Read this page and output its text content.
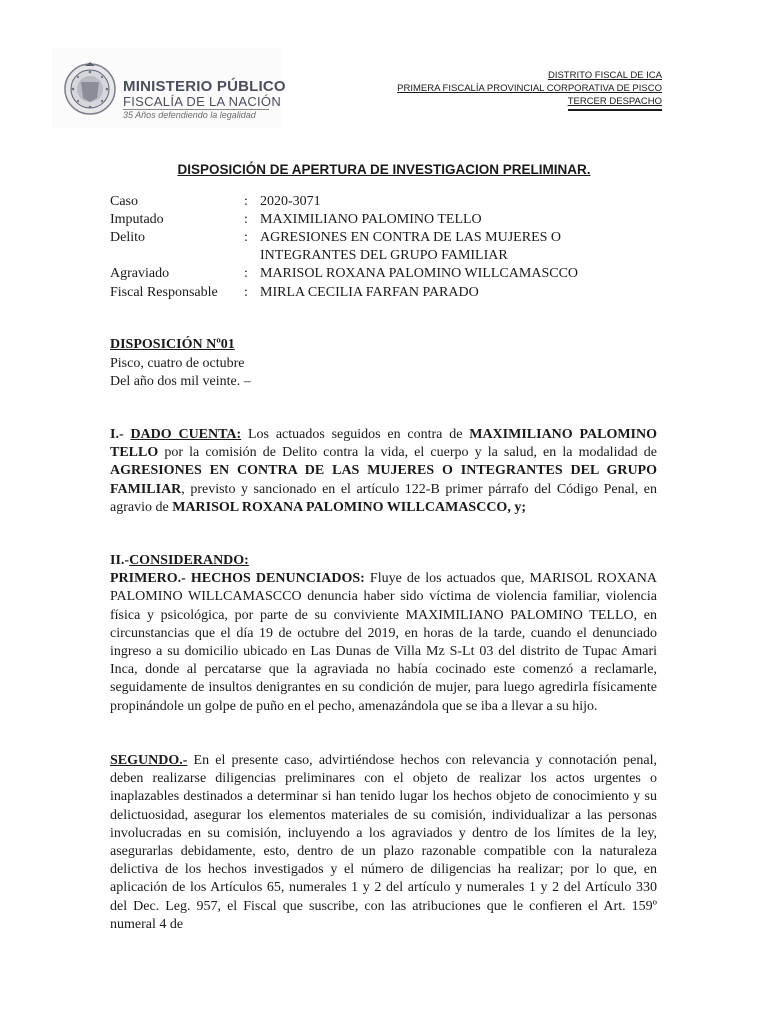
MINISTERIO PÚBLICO
FISCALÍA DE LA NACIÓN
35 Años defendiendo la legalidad
DISTRITO FISCAL DE ICA
PRIMERA FISCALÍA PROVINCIAL CORPORATIVA DE PISCO
TERCER DESPACHO
DISPOSICIÓN DE APERTURA DE INVESTIGACION PRELIMINAR.
Caso	: 2020-3071
Imputado	: MAXIMILIANO PALOMINO TELLO
Delito	: AGRESIONES EN CONTRA DE LAS MUJERES O
INTEGRANTES DEL GRUPO FAMILIAR
Agraviado	: MARISOL ROXANA PALOMINO WILLCAMASCCO
Fiscal Responsable : MIRLA CECILIA FARFAN PARADO
DISPOSICIÓN Nº01
Pisco, cuatro de octubre
Del año dos mil veinte. –
I.- DADO CUENTA: Los actuados seguidos en contra de MAXIMILIANO PALOMINO TELLO por la comisión de Delito contra la vida, el cuerpo y la salud, en la modalidad de AGRESIONES EN CONTRA DE LAS MUJERES O INTEGRANTES DEL GRUPO FAMILIAR, previsto y sancionado en el artículo 122-B primer párrafo del Código Penal, en agravio de MARISOL ROXANA PALOMINO WILLCAMASCCO, y;
II.-CONSIDERANDO:
PRIMERO.- HECHOS DENUNCIADOS: Fluye de los actuados que, MARISOL ROXANA PALOMINO WILLCAMASCCO denuncia haber sido víctima de violencia familiar, violencia física y psicológica, por parte de su conviviente MAXIMILIANO PALOMINO TELLO, en circunstancias que el día 19 de octubre del 2019, en horas de la tarde, cuando el denunciado ingreso a su domicilio ubicado en Las Dunas de Villa Mz S-Lt 03 del distrito de Tupac Amari Inca, donde al percatarse que la agraviada no había cocinado este comenzó a reclamarle, seguidamente de insultos denigrantes en su condición de mujer, para luego agredirla físicamente propinándole un golpe de puño en el pecho, amenazándola que se iba a llevar a su hijo.
SEGUNDO.- En el presente caso, advirtiéndose hechos con relevancia y connotación penal, deben realizarse diligencias preliminares con el objeto de realizar los actos urgentes o inaplazables destinados a determinar si han tenido lugar los hechos objeto de conocimiento y su delictuosidad, asegurar los elementos materiales de su comisión, individualizar a las personas involucradas en su comisión, incluyendo a los agraviados y dentro de los límites de la ley, asegurarlas debidamente, esto, dentro de un plazo razonable compatible con la naturaleza delictiva de los hechos investigados y el número de diligencias ha realizar; por lo que, en aplicación de los Artículos 65, numerales 1 y 2 del artículo y numerales 1 y 2 del Artículo 330 del Dec. Leg. 957, el Fiscal que suscribe, con las atribuciones que le confieren el Art. 159º numeral 4 de
